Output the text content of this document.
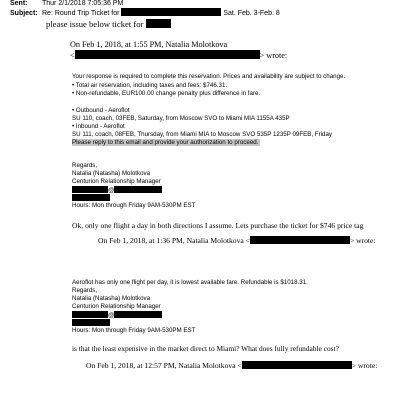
Sent: Thur 2/1/2018 7:05:36 PM
Subject: Re: Round Trip Ticket for	Sat. Feb. 3-Feb. 8
please issue below ticket for
On Feb 1, 2018, at 1:55 PM, Natalia Molotkova
<	> wrote:
Your response is required to complete this reservation. Prices and availability are subject to change.
• Total air reservation, including taxes and fees: $746.31.
• Non-refundable, EUR100.00 change penalty plus difference in fare.
• Outbound - Aeroflot
SU 110, coach, 03FEB, Saturday, from Moscow SVO to Miami MIA 1155A 435P
• Inbound - Aeroflot
SU 111, coach, 08FEB, Thursday, from Miami MIA to Moscow SVO 535P 1235P 09FEB, Friday
Please reply to this email and provide your authorization to proceed.
Regards,
Natalia (Natasha) Molotkova
Centurion Relationship Manager
@
Hours: Mon through Friday 9AM-530PM EST
Ok, only one flight a day in both directions I assume. Lets purchase the ticket for $746 price tag
On Feb 1, 2018, at 1:36 PM, Natalia Molotkova <	> wrote:
Aeroflot has only one flight per day, it is lowest available fare. Refundable is $1018.31.
Regards,
Natalia (Natasha) Molotkova
Centurion Relationship Manager
@
Hours: Mon through Friday 9AM-530PM EST
is that the least expensive in the market direct to Miami? What does fully refundable cost?
On Feb 1, 2018, at 12:57 PM, Natalia Molotkova <	> wrote:
